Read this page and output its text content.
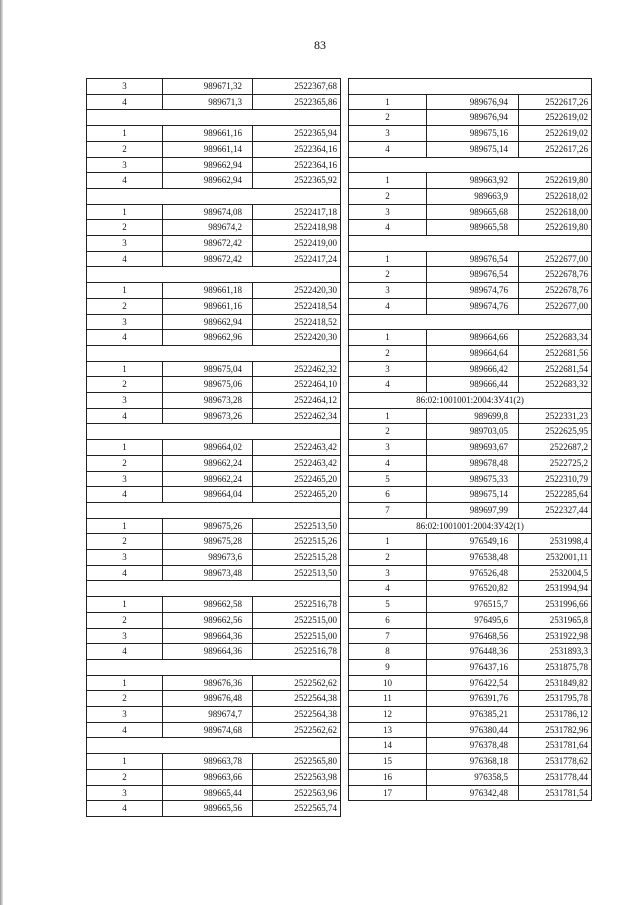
83
3	989671,32	2522367,68
4	989671,3	2522365,86

1	989661,16	2522365,94
2	989661,14	2522364,16
3	989662,94	2522364,16
4	989662,94	2522365,92

1	989674,08	2522417,18
2	989674,2	2522418,98
3	989672,42	2522419,00
4	989672,42	2522417,24

1	989661,18	2522420,30
2	989661,16	2522418,54
3	989662,94	2522418,52
4	989662,96	2522420,30

1	989675,04	2522462,32
2	989675,06	2522464,10
3	989673,28	2522464,12
4	989673,26	2522462,34

1	989664,02	2522463,42
2	989662,24	2522463,42
3	989662,24	2522465,20
4	989664,04	2522465,20

1	989675,26	2522513,50
2	989675,28	2522515,26
3	989673,6	2522515,28
4	989673,48	2522513,50

1	989662,58	2522516,78
2	989662,56	2522515,00
3	989664,36	2522515,00
4	989664,36	2522516,78

1	989676,36	2522562,62
2	989676,48	2522564,38
3	989674,7	2522564,38
4	989674,68	2522562,62

1	989663,78	2522565,80
2	989663,66	2522563,98
3	989665,44	2522563,96
4	989665,56	2522565,74

1	989676,94	2522617,26
2	989676,94	2522619,02
3	989675,16	2522619,02
4	989675,14	2522617,26

1	989663,92	2522619,80
2	989663,9	2522618,02
3	989665,68	2522618,00
4	989665,58	2522619,80

1	989676,54	2522677,00
2	989676,54	2522678,76
3	989674,76	2522678,76
4	989674,76	2522677,00

1	989664,66	2522683,34
2	989664,64	2522681,56
3	989666,42	2522681,54
4	989666,44	2522683,32
86:02:1001001:2004:ЗУ41(2)		
1	989699,8	2522331,23
2	989703,05	2522625,95
3	989693,67	2522687,2
4	989678,48	2522725,2
5	989675,33	2522310,79
6	989675,14	2522285,64
7	989697,99	2522327,44
86:02:1001001:2004:ЗУ42(1)		
1	976549,16	2531998,4
2	976538,48	2532001,11
3	976526,48	2532004,5
4	976520,82	2531994,94
5	976515,7	2531996,66
6	976495,6	2531965,8
7	976468,56	2531922,98
8	976448,36	2531893,3
9	976437,16	2531875,78
10	976422,54	2531849,82
11	976391,76	2531795,78
12	976385,21	2531786,12
13	976380,44	2531782,96
14	976378,48	2531781,64
15	976368,18	2531778,62
16	976358,5	2531778,44
17	976342,48	2531781,54
